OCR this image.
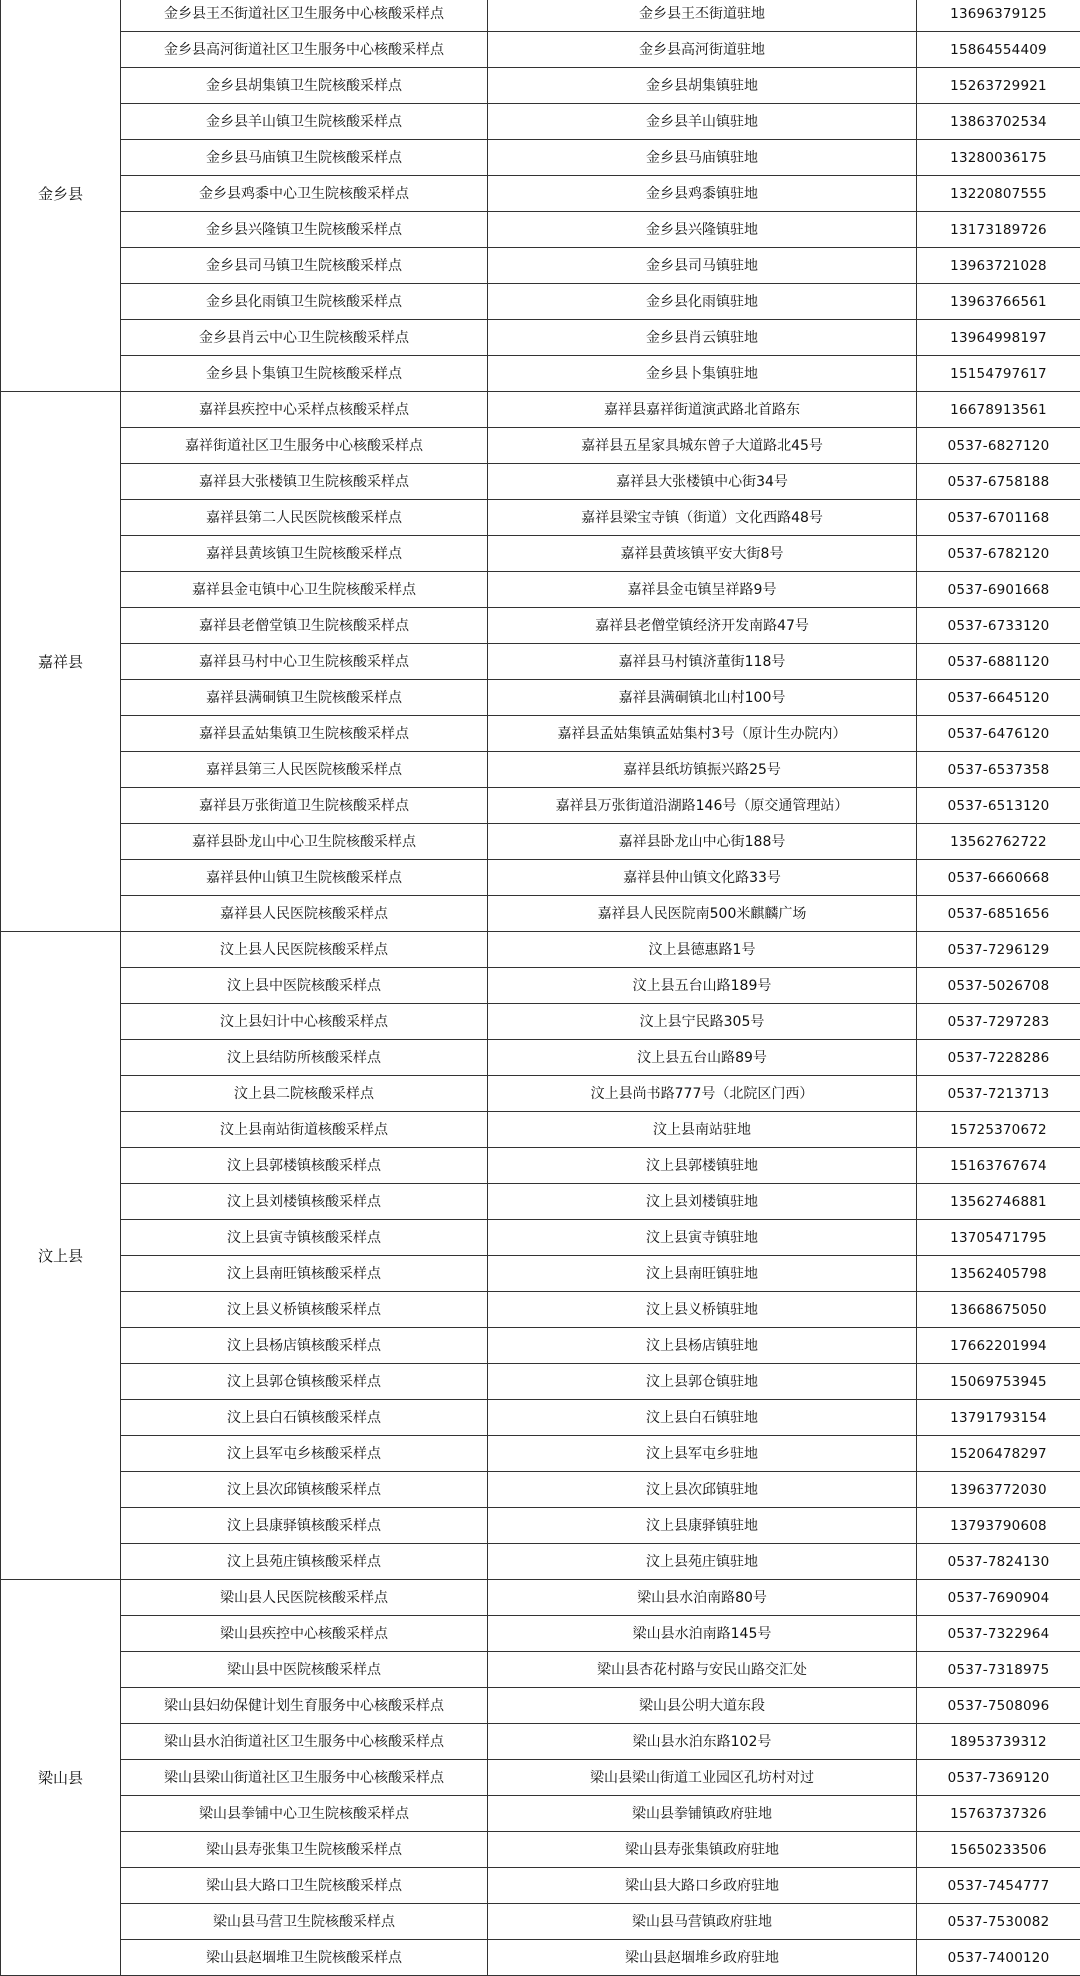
金乡县	金乡县王丕街道社区卫生服务中心核酸采样点	金乡县王丕街道驻地	13696379125
	金乡县高河街道社区卫生服务中心核酸采样点	金乡县高河街道驻地	15864554409
	金乡县胡集镇卫生院核酸采样点	金乡县胡集镇驻地	15263729921
	金乡县羊山镇卫生院核酸采样点	金乡县羊山镇驻地	13863702534
	金乡县马庙镇卫生院核酸采样点	金乡县马庙镇驻地	13280036175
	金乡县鸡黍中心卫生院核酸采样点	金乡县鸡黍镇驻地	13220807555
	金乡县兴隆镇卫生院核酸采样点	金乡县兴隆镇驻地	13173189726
	金乡县司马镇卫生院核酸采样点	金乡县司马镇驻地	13963721028
	金乡县化雨镇卫生院核酸采样点	金乡县化雨镇驻地	13963766561
	金乡县肖云中心卫生院核酸采样点	金乡县肖云镇驻地	13964998197
	金乡县卜集镇卫生院核酸采样点	金乡县卜集镇驻地	15154797617
嘉祥县	嘉祥县疾控中心采样点核酸采样点	嘉祥县嘉祥街道演武路北首路东	16678913561
	嘉祥街道社区卫生服务中心核酸采样点	嘉祥县五星家具城东曾子大道路北45号	0537-6827120
	嘉祥县大张楼镇卫生院核酸采样点	嘉祥县大张楼镇中心街34号	0537-6758188
	嘉祥县第二人民医院核酸采样点	嘉祥县梁宝寺镇（街道）文化西路48号	0537-6701168
	嘉祥县黄垓镇卫生院核酸采样点	嘉祥县黄垓镇平安大街8号	0537-6782120
	嘉祥县金屯镇中心卫生院核酸采样点	嘉祥县金屯镇呈祥路9号	0537-6901668
	嘉祥县老僧堂镇卫生院核酸采样点	嘉祥县老僧堂镇经济开发南路47号	0537-6733120
	嘉祥县马村中心卫生院核酸采样点	嘉祥县马村镇济董街118号	0537-6881120
	嘉祥县满硐镇卫生院核酸采样点	嘉祥县满硐镇北山村100号	0537-6645120
	嘉祥县孟姑集镇卫生院核酸采样点	嘉祥县孟姑集镇孟姑集村3号（原计生办院内）	0537-6476120
	嘉祥县第三人民医院核酸采样点	嘉祥县纸坊镇振兴路25号	0537-6537358
	嘉祥县万张街道卫生院核酸采样点	嘉祥县万张街道沿湖路146号（原交通管理站）	0537-6513120
	嘉祥县卧龙山中心卫生院核酸采样点	嘉祥县卧龙山中心街188号	13562762722
	嘉祥县仲山镇卫生院核酸采样点	嘉祥县仲山镇文化路33号	0537-6660668
	嘉祥县人民医院核酸采样点	嘉祥县人民医院南500米麒麟广场	0537-6851656
汶上县	汶上县人民医院核酸采样点	汶上县德惠路1号	0537-7296129
	汶上县中医院核酸采样点	汶上县五台山路189号	0537-5026708
	汶上县妇计中心核酸采样点	汶上县宁民路305号	0537-7297283
	汶上县结防所核酸采样点	汶上县五台山路89号	0537-7228286
	汶上县二院核酸采样点	汶上县尚书路777号（北院区门西）	0537-7213713
	汶上县南站街道核酸采样点	汶上县南站驻地	15725370672
	汶上县郭楼镇核酸采样点	汶上县郭楼镇驻地	15163767674
	汶上县刘楼镇核酸采样点	汶上县刘楼镇驻地	13562746881
	汶上县寅寺镇核酸采样点	汶上县寅寺镇驻地	13705471795
	汶上县南旺镇核酸采样点	汶上县南旺镇驻地	13562405798
	汶上县义桥镇核酸采样点	汶上县义桥镇驻地	13668675050
	汶上县杨店镇核酸采样点	汶上县杨店镇驻地	17662201994
	汶上县郭仓镇核酸采样点	汶上县郭仓镇驻地	15069753945
	汶上县白石镇核酸采样点	汶上县白石镇驻地	13791793154
	汶上县军屯乡核酸采样点	汶上县军屯乡驻地	15206478297
	汶上县次邱镇核酸采样点	汶上县次邱镇驻地	13963772030
	汶上县康驿镇核酸采样点	汶上县康驿镇驻地	13793790608
	汶上县苑庄镇核酸采样点	汶上县苑庄镇驻地	0537-7824130
梁山县	梁山县人民医院核酸采样点	梁山县水泊南路80号	0537-7690904
	梁山县疾控中心核酸采样点	梁山县水泊南路145号	0537-7322964
	梁山县中医院核酸采样点	梁山县杏花村路与安民山路交汇处	0537-7318975
	梁山县妇幼保健计划生育服务中心核酸采样点	梁山县公明大道东段	0537-7508096
	梁山县水泊街道社区卫生服务中心核酸采样点	梁山县水泊东路102号	18953739312
	梁山县梁山街道社区卫生服务中心核酸采样点	梁山县梁山街道工业园区孔坊村对过	0537-7369120
	梁山县拳铺中心卫生院核酸采样点	梁山县拳铺镇政府驻地	15763737326
	梁山县寿张集卫生院核酸采样点	梁山县寿张集镇政府驻地	15650233506
	梁山县大路口卫生院核酸采样点	梁山县大路口乡政府驻地	0537-7454777
	梁山县马营卫生院核酸采样点	梁山县马营镇政府驻地	0537-7530082
	梁山县赵堌堆卫生院核酸采样点	梁山县赵堌堆乡政府驻地	0537-7400120
